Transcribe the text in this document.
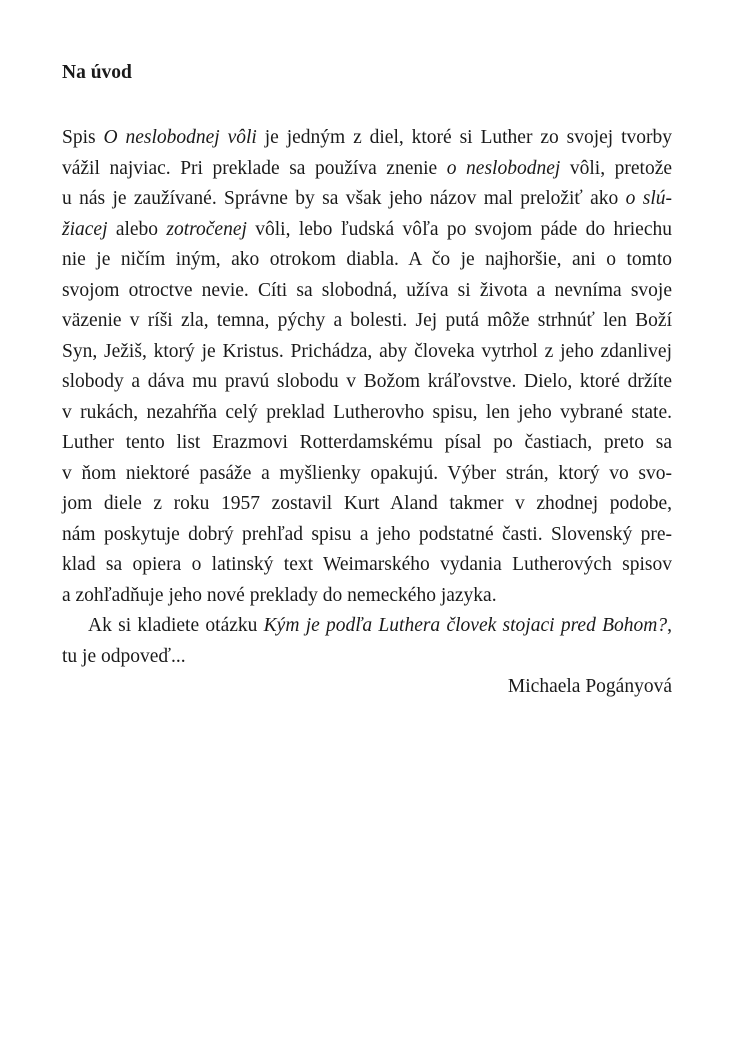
Na úvod
Spis O neslobodnej vôli je jedným z diel, ktoré si Luther zo svojej tvorby
vážil najviac. Pri preklade sa používa znenie o neslobodnej vôli, pretože
u nás je zaužívané. Správne by sa však jeho názov mal preložiť ako o slú-
žiacej alebo zotročenej vôli, lebo ľudská vôľa po svojom páde do hriechu
nie je ničím iným, ako otrokom diabla. A čo je najhoršie, ani o tomto
svojom otroctve nevie. Cíti sa slobodná, užíva si života a nevníma svoje
väzenie v ríši zla, temna, pýchy a bolesti. Jej putá môže strhnúť len Boží
Syn, Ježiš, ktorý je Kristus. Prichádza, aby človeka vytrhol z jeho zdanlivej
slobody a dáva mu pravú slobodu v Božom kráľovstve. Dielo, ktoré držíte
v rukách, nezahŕňa celý preklad Lutherovho spisu, len jeho vybrané state.
Luther tento list Erazmovi Rotterdamskému písal po častiach, preto sa
v ňom niektoré pasáže a myšlienky opakujú. Výber strán, ktorý vo svo-
jom diele z roku 1957 zostavil Kurt Aland takmer v zhodnej podobe,
nám poskytuje dobrý prehľad spisu a jeho podstatné časti. Slovenský pre-
klad sa opiera o latinský text Weimarského vydania Lutherových spisov
a zohľadňuje jeho nové preklady do nemeckého jazyka.
Ak si kladiete otázku Kým je podľa Luthera človek stojaci pred Bohom?,
tu je odpoveď...
Michaela Pogányová
